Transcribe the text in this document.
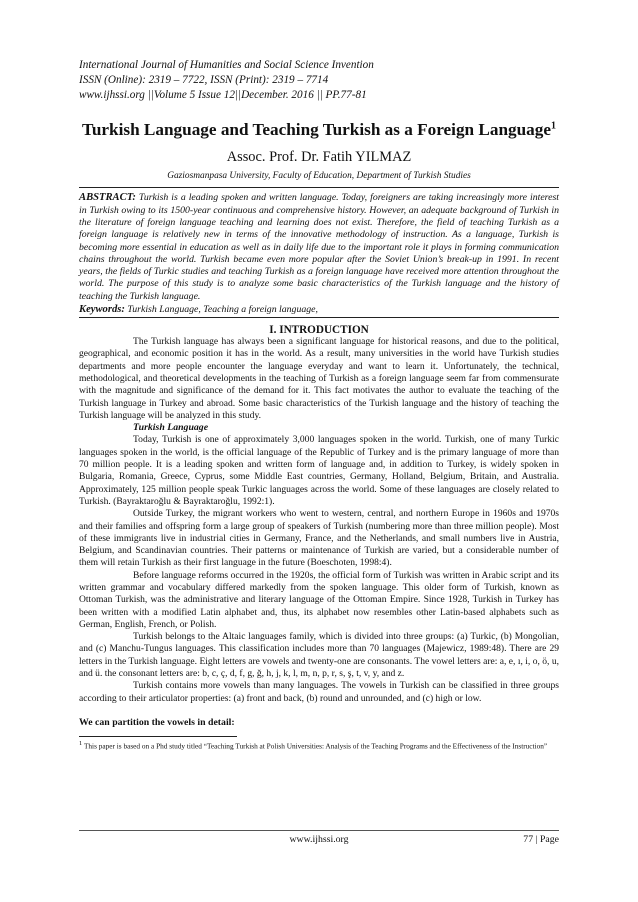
International Journal of Humanities and Social Science Invention
ISSN (Online): 2319 – 7722, ISSN (Print): 2319 – 7714
www.ijhssi.org ||Volume 5 Issue 12||December. 2016 || PP.77-81
Turkish Language and Teaching Turkish as a Foreign Language$^1$
Assoc. Prof. Dr. Fatih YILMAZ
Gaziosmanpasa University, Faculty of Education, Department of Turkish Studies
ABSTRACT: Turkish is a leading spoken and written language. Today, foreigners are taking increasingly more interest in Turkish owing to its 1500-year continuous and comprehensive history. However, an adequate background of Turkish in the literature of foreign language teaching and learning does not exist. Therefore, the field of teaching Turkish as a foreign language is relatively new in terms of the innovative methodology of instruction. As a language, Turkish is becoming more essential in education as well as in daily life due to the important role it plays in forming communication chains throughout the world. Turkish became even more popular after the Soviet Union’s break-up in 1991. In recent years, the fields of Turkic studies and teaching Turkish as a foreign language have received more attention throughout the world. The purpose of this study is to analyze some basic characteristics of the Turkish language and the history of teaching the Turkish language.
Keywords: Turkish Language, Teaching a foreign language,
I. INTRODUCTION

The Turkish language has always been a significant language for historical reasons, and due to the political, geographical, and economic position it has in the world. As a result, many universities in the world have Turkish studies departments and more people encounter the language everyday and want to learn it. Unfortunately, the technical, methodological, and theoretical developments in the teaching of Turkish as a foreign language seem far from commensurate with the magnitude and significance of the demand for it. This fact motivates the author to evaluate the teaching of the Turkish language in Turkey and abroad. Some basic characteristics of the Turkish language and the history of teaching the Turkish language will be analyzed in this study.

Turkish Language

Today, Turkish is one of approximately 3,000 languages spoken in the world. Turkish, one of many Turkic languages spoken in the world, is the official language of the Republic of Turkey and is the primary language of more than 70 million people. It is a leading spoken and written form of language and, in addition to Turkey, is widely spoken in Bulgaria, Romania, Greece, Cyprus, some Middle East countries, Germany, Holland, Belgium, Britain, and Australia. Approximately, 125 million people speak Turkic languages across the world. Some of these languages are closely related to Turkish. (Bayraktaroğlu & Bayraktaroğlu, 1992:1).

Outside Turkey, the migrant workers who went to western, central, and northern Europe in 1960s and 1970s and their families and offspring form a large group of speakers of Turkish (numbering more than three million people). Most of these immigrants live in industrial cities in Germany, France, and the Netherlands, and small numbers live in Austria, Belgium, and Scandinavian countries. Their patterns or maintenance of Turkish are varied, but a considerable number of them will retain Turkish as their first language in the future (Boeschoten, 1998:4).

Before language reforms occurred in the 1920s, the official form of Turkish was written in Arabic script and its written grammar and vocabulary differed markedly from the spoken language. This older form of Turkish, known as Ottoman Turkish, was the administrative and literary language of the Ottoman Empire. Since 1928, Turkish in Turkey has been written with a modified Latin alphabet and, thus, its alphabet now resembles other Latin-based alphabets such as German, English, French, or Polish.

Turkish belongs to the Altaic languages family, which is divided into three groups: (a) Turkic, (b) Mongolian, and (c) Manchu-Tungus languages. This classification includes more than 70 languages (Majewicz, 1989:48). There are 29 letters in the Turkish language. Eight letters are vowels and twenty-one are consonants. The vowel letters are: a, e, ı, i, o, ö, u, and ü. the consonant letters are: b, c, ç, d, f, g, ğ, h, j, k, l, m, n, p, r, s, ş, t, v, y, and z.

Turkish contains more vowels than many languages. The vowels in Turkish can be classified in three groups according to their articulator properties: (a) front and back, (b) round and unrounded, and (c) high or low.

We can partition the vowels in detail:
$^1$ This paper is based on a Phd study titled “Teaching Turkish at Polish Universities: Analysis of the Teaching Programs and the Effectiveness of the Instruction”
www.ijhssi.org	77 | Page
